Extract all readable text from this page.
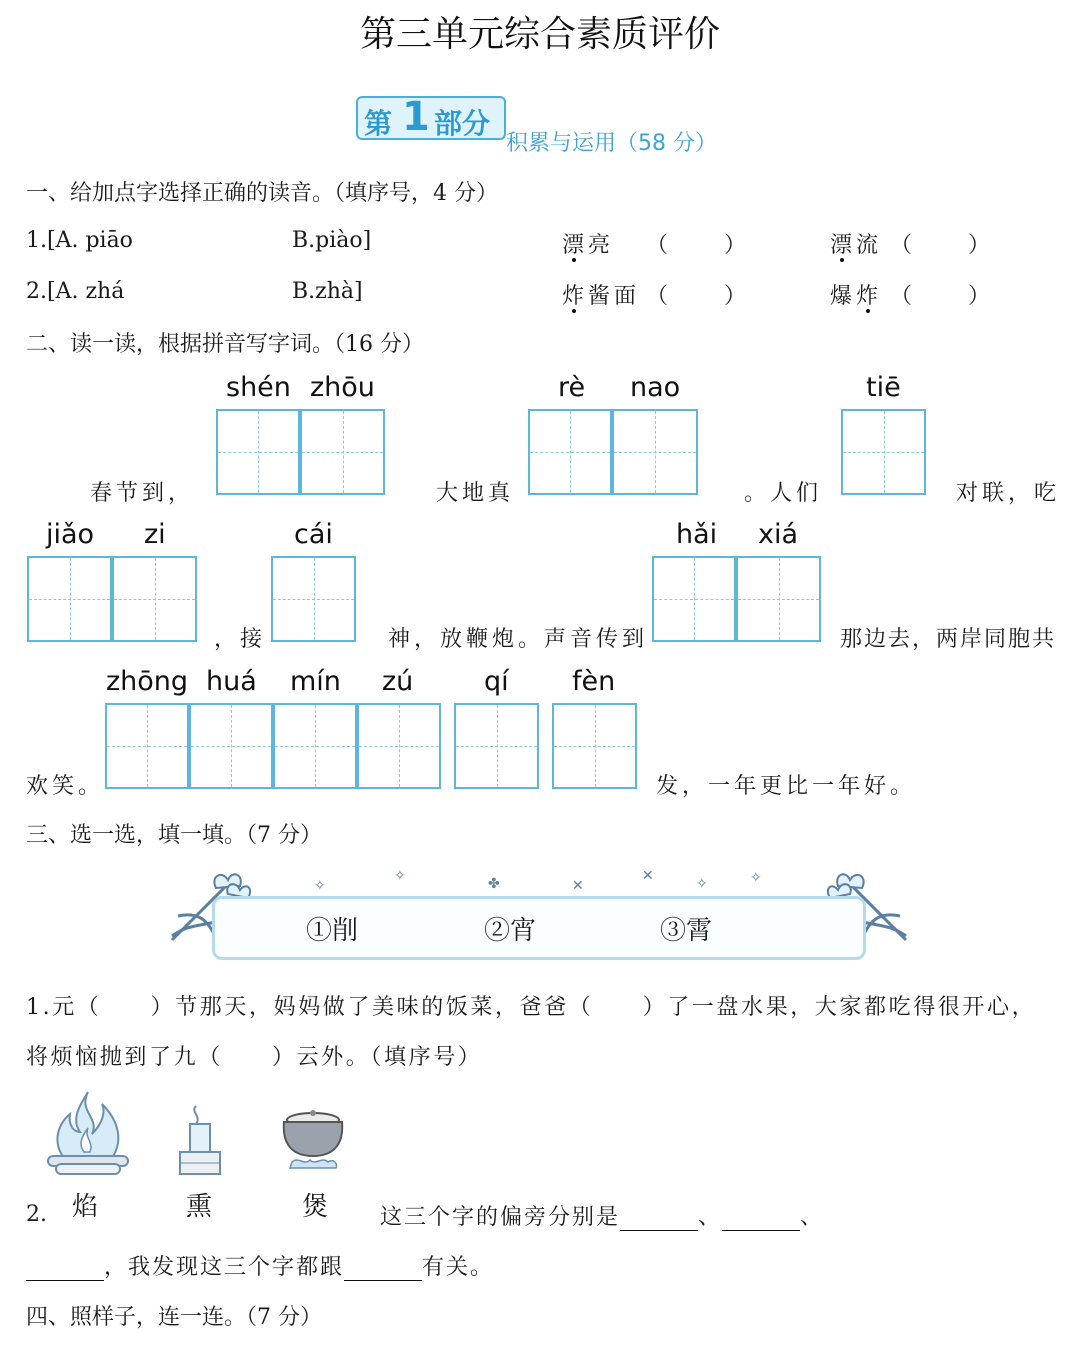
第三单元综合素质评价
第 1 部分
积累与运用（58 分）
一、给加点字选择正确的读音。（填序号，4 分）
1.[A. piāo	B.piào]	漂亮 （　　）	漂流 （　　）
2.[A. zhá	B.zhà]	炸酱面 （　　）	爆炸 （　　）
二、读一读，根据拼音写字词。（16 分）
shén zhōu	rè nao	tiē
春节到，	大地真	。人们	对联，吃
jiǎo zi	cái	hǎi xiá
，接	神，放鞭炮。声音传到	那边去，两岸同胞共
zhōng huá mín zú	qí fèn
欢笑。	发，一年更比一年好。
三、选一选，填一填。（7 分）
✧
✧	✤	✕
✕	✧	✧
①削	②宵	③霄
1.元（　　）节那天，妈妈做了美味的饭菜，爸爸（　　）了一盘水果，大家都吃得很开心，
将烦恼抛到了九（　　）云外。（填序号）
焰	熏	煲
2.	这三个字的偏旁分别是	、	、
，我发现这三个字都跟	有关。
四、照样子，连一连。（7 分）
